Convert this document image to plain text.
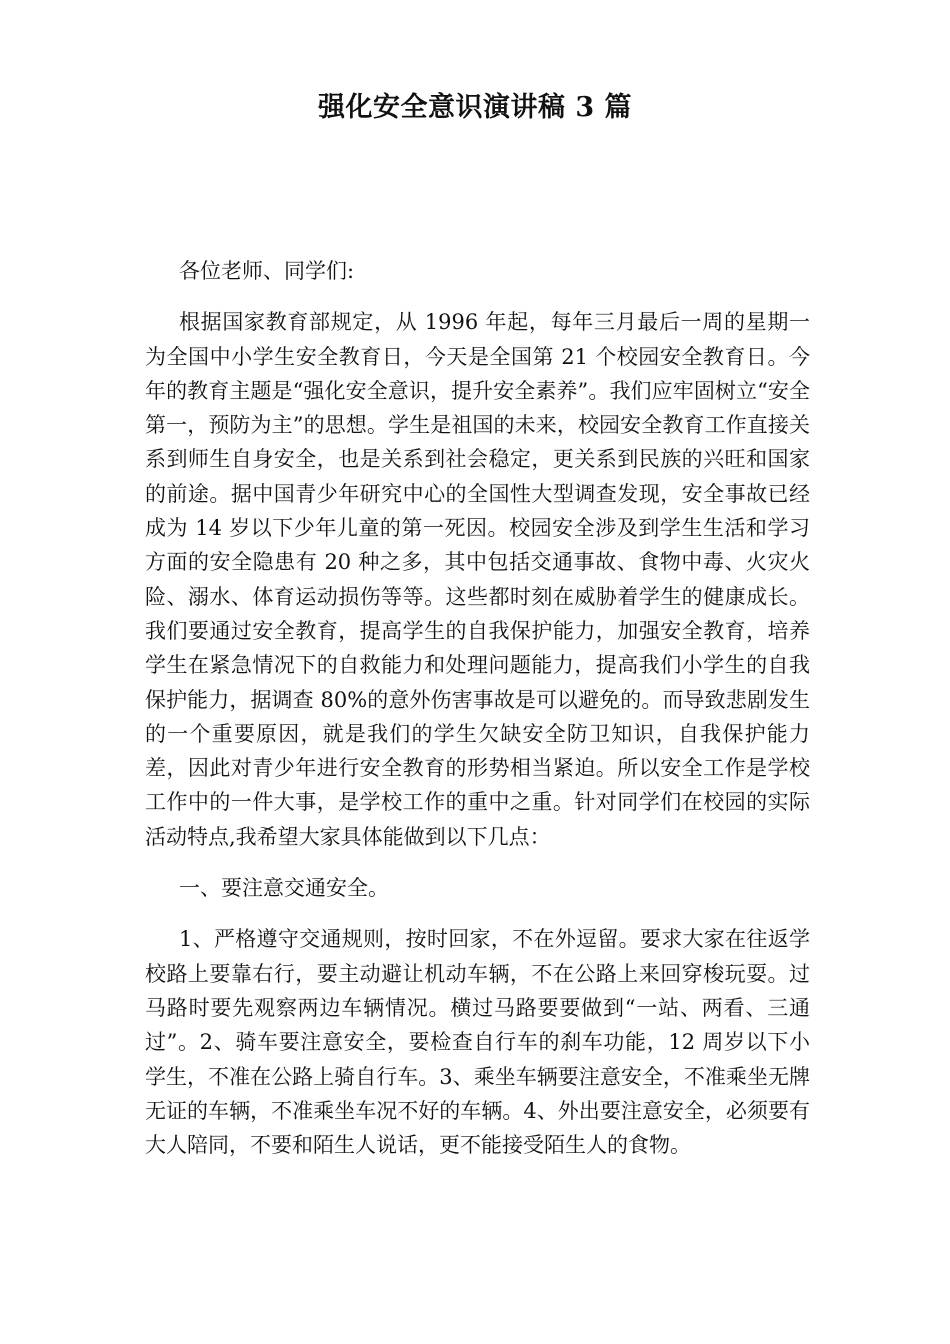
强化安全意识演讲稿 3 篇

各位老师、同学们:

根据国家教育部规定，从 1996 年起，每年三月最后一周的星期一为全国中小学生安全教育日，今天是全国第 21 个校园安全教育日。今年的教育主题是“强化安全意识，提升安全素养”。我们应牢固树立“安全第一，预防为主”的思想。学生是祖国的未来，校园安全教育工作直接关系到师生自身安全，也是关系到社会稳定，更关系到民族的兴旺和国家的前途。据中国青少年研究中心的全国性大型调查发现，安全事故已经成为 14 岁以下少年儿童的第一死因。校园安全涉及到学生生活和学习方面的安全隐患有 20 种之多，其中包括交通事故、食物中毒、火灾火险、溺水、体育运动损伤等等。这些都时刻在威胁着学生的健康成长。我们要通过安全教育，提高学生的自我保护能力，加强安全教育，培养学生在紧急情况下的自救能力和处理问题能力，提高我们小学生的自我保护能力，据调查 80%的意外伤害事故是可以避免的。而导致悲剧发生的一个重要原因，就是我们的学生欠缺安全防卫知识，自我保护能力差，因此对青少年进行安全教育的形势相当紧迫。所以安全工作是学校工作中的一件大事，是学校工作的重中之重。针对同学们在校园的实际活动特点,我希望大家具体能做到以下几点：

一、要注意交通安全。

1、严格遵守交通规则，按时回家，不在外逗留。要求大家在往返学校路上要靠右行，要主动避让机动车辆，不在公路上来回穿梭玩耍。过马路时要先观察两边车辆情况。横过马路要要做到“一站、两看、三通过”。2、骑车要注意安全，要检查自行车的刹车功能，12 周岁以下小学生，不准在公路上骑自行车。3、乘坐车辆要注意安全，不准乘坐无牌无证的车辆，不准乘坐车况不好的车辆。4、外出要注意安全，必须要有大人陪同，不要和陌生人说话，更不能接受陌生人的食物。
